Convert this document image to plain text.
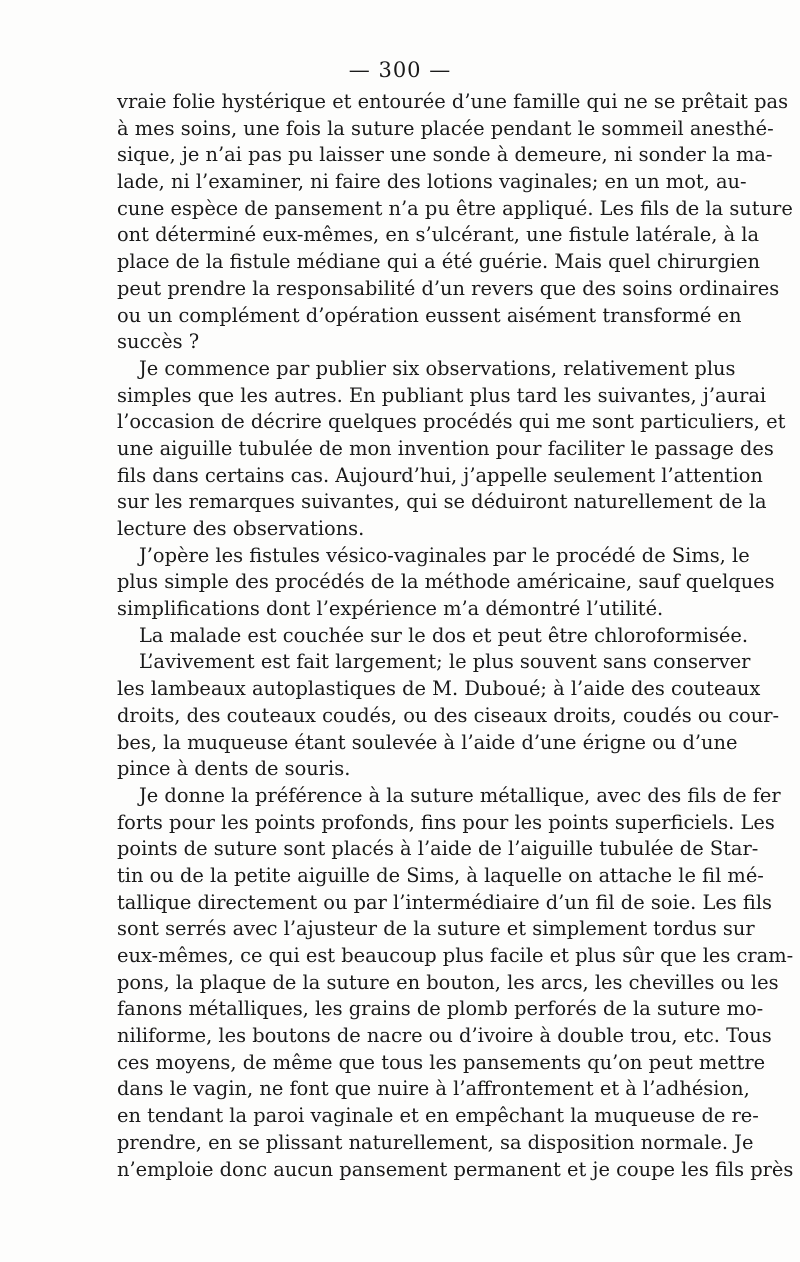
— 300 —
vraie folie hystérique et entourée d’une famille qui ne se prêtait pas
à mes soins, une fois la suture placée pendant le sommeil anesthé-
sique, je n’ai pas pu laisser une sonde à demeure, ni sonder la ma-
lade, ni l’examiner, ni faire des lotions vaginales; en un mot, au-
cune espèce de pansement n’a pu être appliqué. Les fils de la suture
ont déterminé eux-mêmes, en s’ulcérant, une fistule latérale, à la
place de la fistule médiane qui a été guérie. Mais quel chirurgien
peut prendre la responsabilité d’un revers que des soins ordinaires
ou un complément d’opération eussent aisément transformé en
succès ?
Je commence par publier six observations, relativement plus
simples que les autres. En publiant plus tard les suivantes, j’aurai
l’occasion de décrire quelques procédés qui me sont particuliers, et
une aiguille tubulée de mon invention pour faciliter le passage des
fils dans certains cas. Aujourd’hui, j’appelle seulement l’attention
sur les remarques suivantes, qui se déduiront naturellement de la
lecture des observations.
J’opère les fistules vésico-vaginales par le procédé de Sims, le
plus simple des procédés de la méthode américaine, sauf quelques
simplifications dont l’expérience m’a démontré l’utilité.
La malade est couchée sur le dos et peut être chloroformisée.
L’avivement est fait largement; le plus souvent sans conserver
les lambeaux autoplastiques de M. Duboué; à l’aide des couteaux
droits, des couteaux coudés, ou des ciseaux droits, coudés ou cour-
bes, la muqueuse étant soulevée à l’aide d’une érigne ou d’une
pince à dents de souris.
Je donne la préférence à la suture métallique, avec des fils de fer
forts pour les points profonds, fins pour les points superficiels. Les
points de suture sont placés à l’aide de l’aiguille tubulée de Star-
tin ou de la petite aiguille de Sims, à laquelle on attache le fil mé-
tallique directement ou par l’intermédiaire d’un fil de soie. Les fils
sont serrés avec l’ajusteur de la suture et simplement tordus sur
eux-mêmes, ce qui est beaucoup plus facile et plus sûr que les cram-
pons, la plaque de la suture en bouton, les arcs, les chevilles ou les
fanons métalliques, les grains de plomb perforés de la suture mo-
niliforme, les boutons de nacre ou d’ivoire à double trou, etc. Tous
ces moyens, de même que tous les pansements qu’on peut mettre
dans le vagin, ne font que nuire à l’affrontement et à l’adhésion,
en tendant la paroi vaginale et en empêchant la muqueuse de re-
prendre, en se plissant naturellement, sa disposition normale. Je
n’emploie donc aucun pansement permanent et je coupe les fils près
